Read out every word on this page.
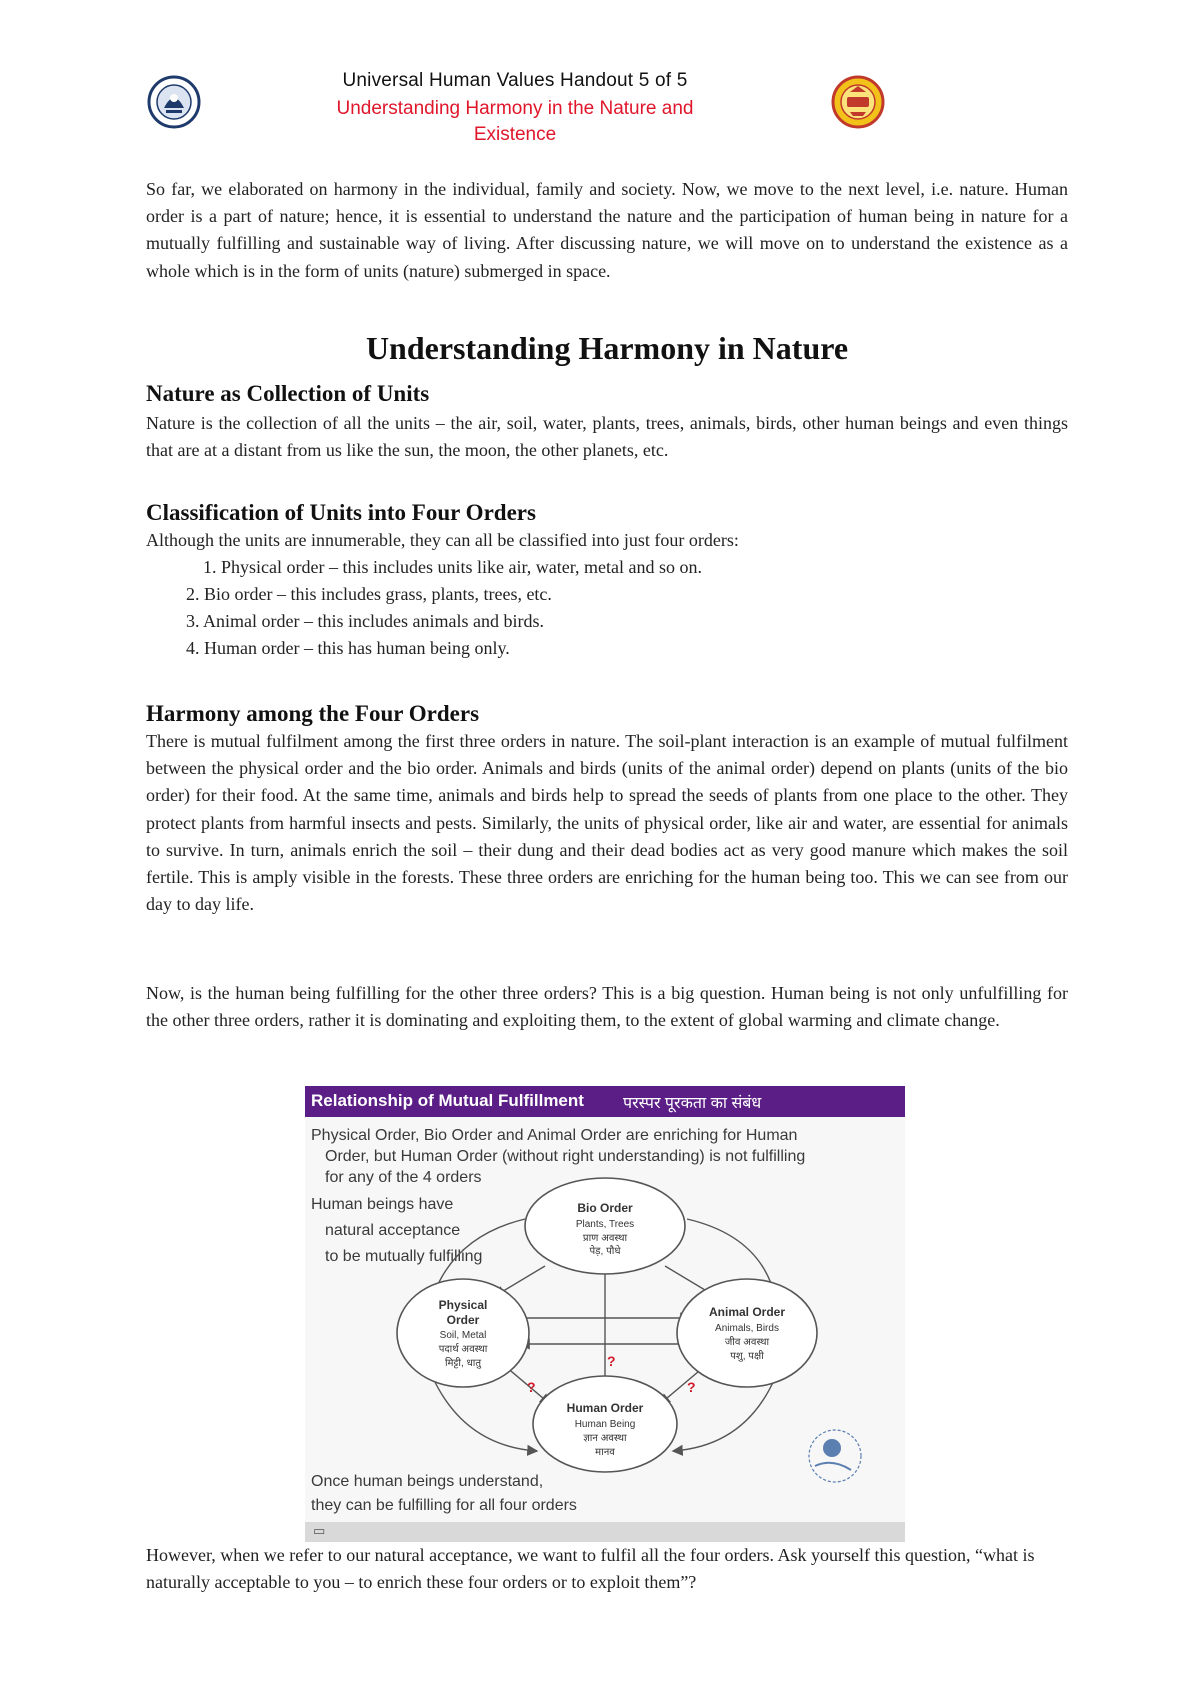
Universal Human Values Handout 5 of 5
Understanding Harmony in the Nature and
Existence

So far, we elaborated on harmony in the individual, family and society. Now, we move to the next level, i.e. nature. Human order is a part of nature; hence, it is essential to understand the nature and the participation of human being in nature for a mutually fulfilling and sustainable way of living. After discussing nature, we will move on to understand the existence as a whole which is in the form of units (nature) submerged in space.

Understanding Harmony in Nature
Nature as Collection of Units

Nature is the collection of all the units – the air, soil, water, plants, trees, animals, birds, other human beings and even things that are at a distant from us like the sun, the moon, the other planets, etc.

Classification of Units into Four Orders

Although the units are innumerable, they can all be classified into just four orders:

1. Physical order – this includes units like air, water, metal and so on.
2. Bio order – this includes grass, plants, trees, etc.
3. Animal order – this includes animals and birds.
4. Human order – this has human being only.
Harmony among the Four Orders

There is mutual fulfilment among the first three orders in nature. The soil-plant interaction is an example of mutual fulfilment between the physical order and the bio order. Animals and birds (units of the animal order) depend on plants (units of the bio order) for their food. At the same time, animals and birds help to spread the seeds of plants from one place to the other. They protect plants from harmful insects and pests. Similarly, the units of physical order, like air and water, are essential for animals to survive. In turn, animals enrich the soil – their dung and their dead bodies act as very good manure which makes the soil fertile. This is amply visible in the forests. These three orders are enriching for the human being too. This we can see from our day to day life.

Now, is the human being fulfilling for the other three orders? This is a big question. Human being is not only unfulfilling for the other three orders, rather it is dominating and exploiting them, to the extent of global warming and climate change.

Relationship of Mutual Fulfillment परस्पर पूरकता का संबंध
Physical Order, Bio Order and Animal Order are enriching for Human
Order, but Human Order (without right understanding) is not fulfilling
for any of the 4 orders
Human beings have
natural acceptance
to be mutually fulfilling
?
?	?
Bio Order
Plants, Trees
प्राण अवस्था
पेड़, पौधे
Physical
Order
Soil, Metal
पदार्थ अवस्था
मिट्टी, धातु
Animal Order
Animals, Birds
जीव अवस्था
पशु, पक्षी
Human Order
Human Being
ज्ञान अवस्था
मानव
Once human beings understand,
they can be fulfilling for all four orders
▭

However, when we refer to our natural acceptance, we want to fulfil all the four orders. Ask yourself this question, “what is naturally acceptable to you – to enrich these four orders or to exploit them”?
